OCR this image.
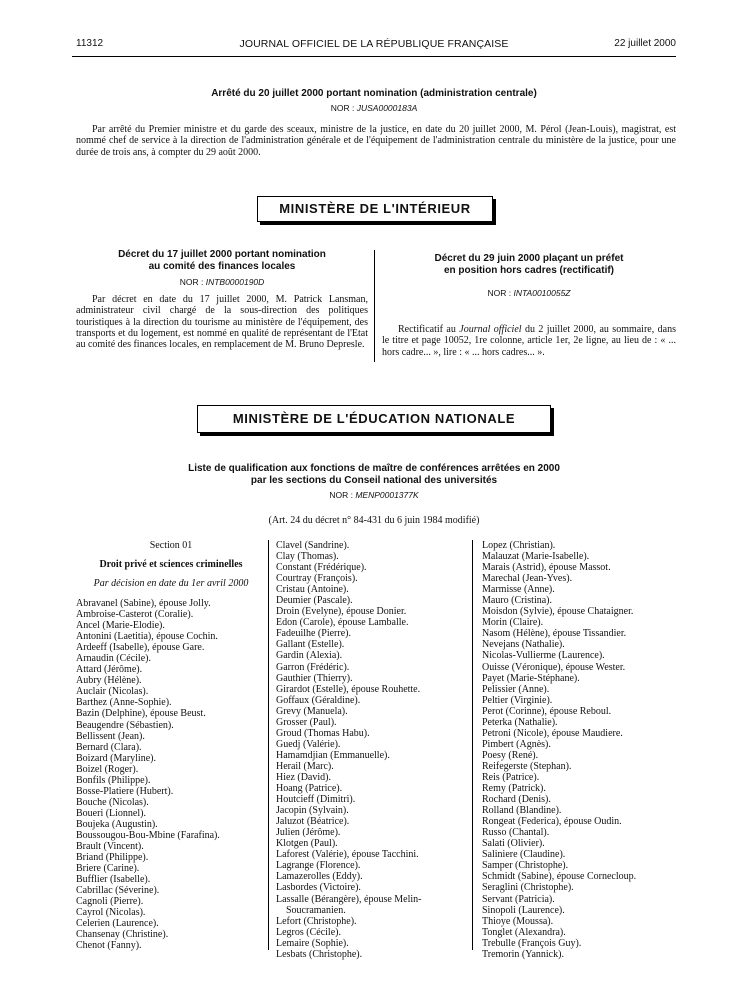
11312	JOURNAL OFFICIEL DE LA RÉPUBLIQUE FRANÇAISE	22 juillet 2000
Arrêté du 20 juillet 2000 portant nomination (administration centrale)
NOR : JUSA0000183A
Par arrêté du Premier ministre et du garde des sceaux, ministre de la justice, en date du 20 juillet 2000, M. Pérol (Jean-Louis), magistrat, est nommé chef de service à la direction de l'administration générale et de l'équipement de l'administration centrale du ministère de la justice, pour une durée de trois ans, à compter du 29 août 2000.
MINISTÈRE DE L'INTÉRIEUR
Décret du 17 juillet 2000 portant nomination
au comité des finances locales
NOR : INTB0000190D
Par décret en date du 17 juillet 2000, M. Patrick Lansman, administrateur civil chargé de la sous-direction des politiques touristiques à la direction du tourisme au ministère de l'équipement, des transports et du logement, est nommé en qualité de représentant de l'Etat au comité des finances locales, en remplacement de M. Bruno Depresle.
Décret du 29 juin 2000 plaçant un préfet
en position hors cadres (rectificatif)
NOR : INTA0010055Z
Rectificatif au Journal officiel du 2 juillet 2000, au sommaire, dans le titre et page 10052, 1re colonne, article 1er, 2e ligne, au lieu de : « ... hors cadre... », lire : « ... hors cadres... ».
MINISTÈRE DE L'ÉDUCATION NATIONALE
Liste de qualification aux fonctions de maître de conférences arrêtées en 2000
par les sections du Conseil national des universités
NOR : MENP0001377K
(Art. 24 du décret n° 84-431 du 6 juin 1984 modifié)
Section 01
Droit privé et sciences criminelles
Par décision en date du 1er avril 2000
Abravanel (Sabine), épouse Jolly.
Ambroise-Casterot (Coralie).
Ancel (Marie-Elodie).
Antonini (Laetitia), épouse Cochin.
Ardeeff (Isabelle), épouse Gare.
Arnaudin (Cécile).
Attard (Jérôme).
Aubry (Hélène).
Auclair (Nicolas).
Barthez (Anne-Sophie).
Bazin (Delphine), épouse Beust.
Beaugendre (Sébastien).
Bellissent (Jean).
Bernard (Clara).
Boizard (Maryline).
Boizel (Roger).
Bonfils (Philippe).
Bosse-Platiere (Hubert).
Bouche (Nicolas).
Boueri (Lionnel).
Boujeka (Augustin).
Boussougou-Bou-Mbine (Farafina).
Brault (Vincent).
Briand (Philippe).
Briere (Carine).
Bufflier (Isabelle).
Cabrillac (Séverine).
Cagnoli (Pierre).
Cayrol (Nicolas).
Celerien (Laurence).
Chansenay (Christine).
Chenot (Fanny).
Clavel (Sandrine).
Clay (Thomas).
Constant (Frédérique).
Courtray (François).
Cristau (Antoine).
Deumier (Pascale).
Droin (Evelyne), épouse Donier.
Edon (Carole), épouse Lamballe.
Fadeuilhe (Pierre).
Gallant (Estelle).
Gardin (Alexia).
Garron (Frédéric).
Gauthier (Thierry).
Girardot (Estelle), épouse Rouhette.
Goffaux (Géraldine).
Grevy (Manuela).
Grosser (Paul).
Groud (Thomas Habu).
Guedj (Valérie).
Hamamdjian (Emmanuelle).
Herail (Marc).
Hiez (David).
Hoang (Patrice).
Houtcieff (Dimitri).
Jacopin (Sylvain).
Jaluzot (Béatrice).
Julien (Jérôme).
Klotgen (Paul).
Laforest (Valérie), épouse Tacchini.
Lagrange (Florence).
Lamazerolles (Eddy).
Lasbordes (Victoire).
Lassalle (Bérangère), épouse Melin-
Soucramanien.
Lefort (Christophe).
Legros (Cécile).
Lemaire (Sophie).
Lesbats (Christophe).
Lopez (Christian).
Malauzat (Marie-Isabelle).
Marais (Astrid), épouse Massot.
Marechal (Jean-Yves).
Marmisse (Anne).
Mauro (Cristina).
Moisdon (Sylvie), épouse Chataigner.
Morin (Claire).
Nasom (Hélène), épouse Tissandier.
Nevejans (Nathalie).
Nicolas-Vullierme (Laurence).
Ouisse (Véronique), épouse Wester.
Payet (Marie-Stéphane).
Pelissier (Anne).
Peltier (Virginie).
Perot (Corinne), épouse Reboul.
Peterka (Nathalie).
Petroni (Nicole), épouse Maudiere.
Pimbert (Agnès).
Poesy (René).
Reifegerste (Stephan).
Reis (Patrice).
Remy (Patrick).
Rochard (Denis).
Rolland (Blandine).
Rongeat (Federica), épouse Oudin.
Russo (Chantal).
Salati (Olivier).
Saliniere (Claudine).
Samper (Christophe).
Schmidt (Sabine), épouse Cornecloup.
Seraglini (Christophe).
Servant (Patricia).
Sinopoli (Laurence).
Thioye (Moussa).
Tonglet (Alexandra).
Trebulle (François Guy).
Tremorin (Yannick).
